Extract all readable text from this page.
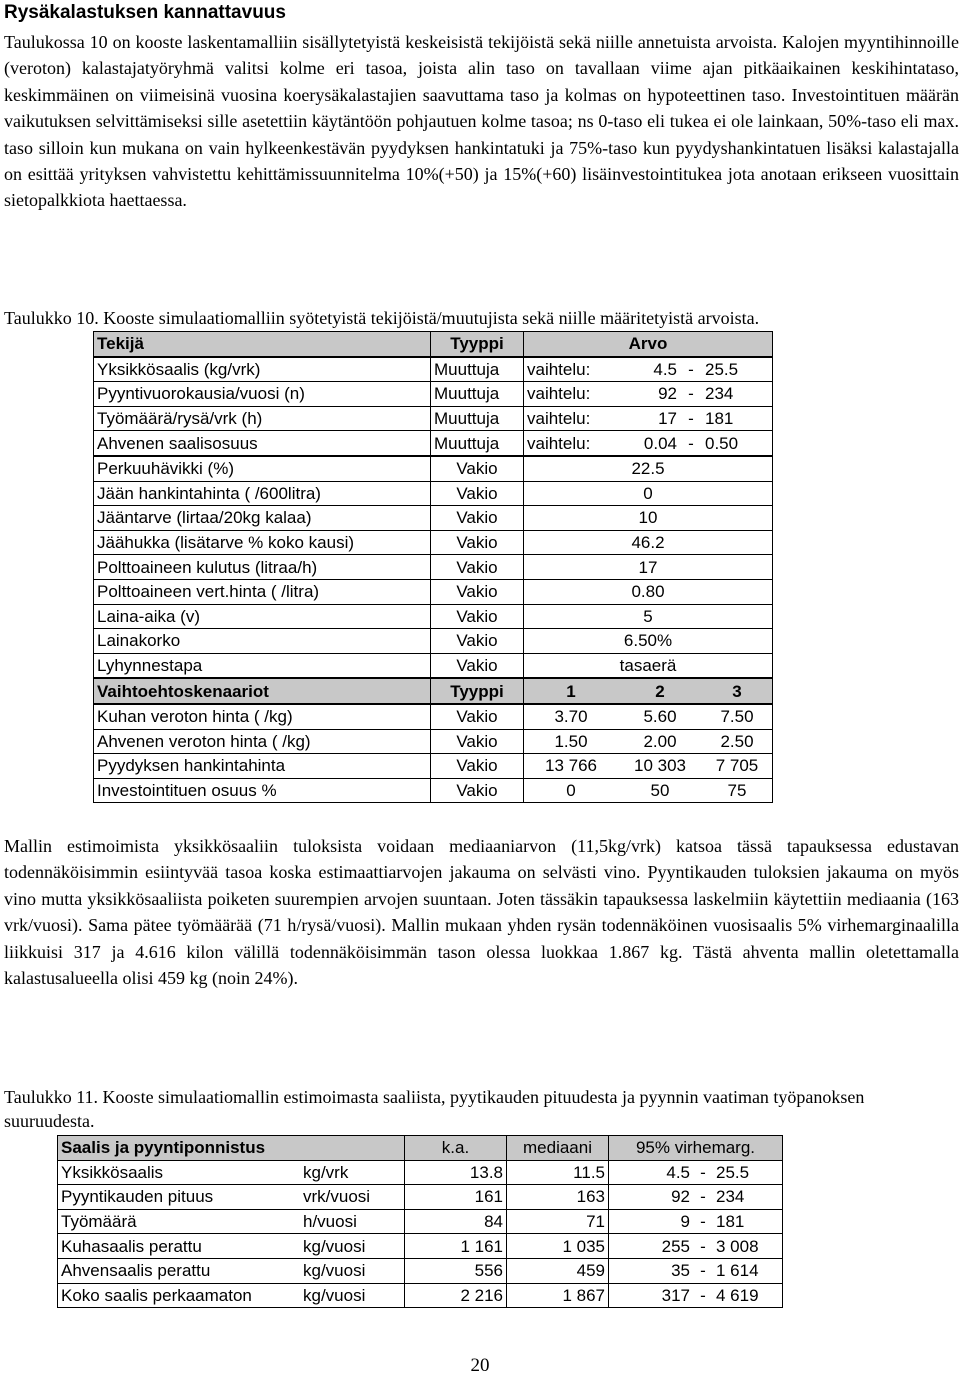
Rysäkalastuksen kannattavuus
Taulukossa 10 on kooste laskentamalliin sisällytetyistä keskeisistä tekijöistä sekä niille annetuista arvoista. Kalojen myyntihinnoille (veroton) kalastajatyöryhmä valitsi kolme eri tasoa, joista alin taso on tavallaan viime ajan pitkäaikainen keskihintataso, keskimmäinen on viimeisinä vuosina koerysäkalastajien saavuttama taso ja kolmas on hypoteettinen taso. Investointituen määrän vaikutuksen selvittämiseksi sille asetettiin käytäntöön pohjautuen kolme tasoa; ns 0-taso eli tukea ei ole lainkaan, 50%-taso eli max. taso silloin kun mukana on vain hylkeenkestävän pyydyksen hankintatuki ja 75%-taso kun pyydyshankintatuen lisäksi kalastajalla on esittää yrityksen vahvistettu kehittämissuunnitelma 10%(+50) ja 15%(+60) lisäinvestointitukea jota anotaan erikseen vuosittain sietopalkkiota haettaessa.
Taulukko 10. Kooste simulaatiomalliin syötetyistä tekijöistä/muutujista sekä niille määritetyistä arvoista.
Tekijä	Tyyppi	Arvo			
Yksikkösaalis (kg/vrk)	Muuttuja	vaihtelu:	4.5	-	25.5
Pyyntivuorokausia/vuosi (n)	Muuttuja	vaihtelu:	92	-	234
Työmäärä/rysä/vrk (h)	Muuttuja	vaihtelu:	17	-	181
Ahvenen saalisosuus	Muuttuja	vaihtelu:	0.04	-	0.50
Perkuuhävikki (%)	Vakio	22.5			
Jään hankintahinta ( /600litra)	Vakio	0			
Jääntarve (lirtaa/20kg kalaa)	Vakio	10			
Jäähukka (lisätarve % koko kausi)	Vakio	46.2			
Polttoaineen kulutus (litraa/h)	Vakio	17			
Polttoaineen vert.hinta ( /litra)	Vakio	0.80			
Laina-aika (v)	Vakio	5			
Lainakorko	Vakio	6.50%			
Lyhynnestapa	Vakio	tasaerä			
Vaihtoehtoskenaariot	Tyyppi	1	2		3
Kuhan veroton hinta ( /kg)	Vakio	3.70	5.60		7.50
Ahvenen veroton hinta ( /kg)	Vakio	1.50	2.00		2.50
Pyydyksen hankintahinta	Vakio	13 766	10 303		7 705
Investointituen osuus %	Vakio	0	50		75
Mallin estimoimista yksikkösaaliin tuloksista voidaan mediaaniarvon (11,5kg/vrk) katsoa tässä tapauksessa edustavan todennäköisimmin esiintyvää tasoa koska estimaattiarvojen jakauma on selvästi vino. Pyyntikauden tuloksien jakauma on myös vino mutta yksikkösaaliista poiketen suurempien arvojen suuntaan. Joten tässäkin tapauksessa laskelmiin käytettiin mediaania (163 vrk/vuosi). Sama pätee työmäärää (71 h/rysä/vuosi). Mallin mukaan yhden rysän todennäköinen vuosisaalis 5% virhemarginaalilla liikkuisi 317 ja 4.616 kilon välillä todennäköisimmän tason olessa luokkaa 1.867 kg. Tästä ahventa mallin oletettamalla kalastusalueella olisi 459 kg (noin 24%).
Taulukko 11. Kooste simulaatiomallin estimoimasta saaliista, pyytikauden pituudesta ja pyynnin vaatiman työpanoksen suuruudesta.
Saalis ja pyyntiponnistus		k.a.	mediaani	95% virhemarg.		
Yksikkösaalis	kg/vrk	13.8	11.5	4.5	-	25.5
Pyyntikauden pituus	vrk/vuosi	161	163	92	-	234
Työmäärä	h/vuosi	84	71	9	-	181
Kuhasaalis perattu	kg/vuosi	1 161	1 035	255	-	3 008
Ahvensaalis perattu	kg/vuosi	556	459	35	-	1 614
Koko saalis perkaamaton	kg/vuosi	2 216	1 867	317	-	4 619
20
